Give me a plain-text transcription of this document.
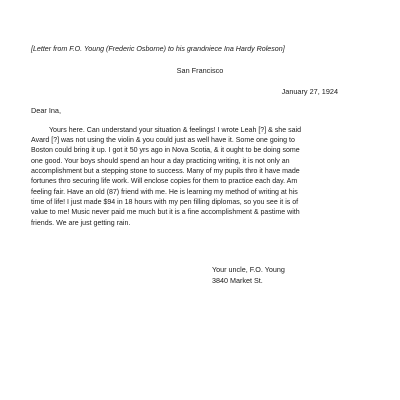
[Letter from F.O. Young (Frederic Osborne) to his grandniece Ina Hardy Roleson]
San Francisco
January 27, 1924
Dear Ina,
Yours here. Can understand your situation & feelings! I wrote Leah [?] & she said
Avard [?] was not using the violin & you could just as well have it. Some one going to
Boston could bring it up. I got it 50 yrs ago in Nova Scotia, & it ought to be doing some
one good. Your boys should spend an hour a day practicing writing, it is not only an
accomplishment but a stepping stone to success. Many of my pupils thro it have made
fortunes thro securing life work. Will enclose copies for them to practice each day. Am
feeling fair. Have an old (87) friend with me. He is learning my method of writing at his
time of life! I just made $94 in 18 hours with my pen filling diplomas, so you see it is of
value to me! Music never paid me much but it is a fine accomplishment & pastime with
friends. We are just getting rain.
Your uncle, F.O. Young
3840 Market St.
